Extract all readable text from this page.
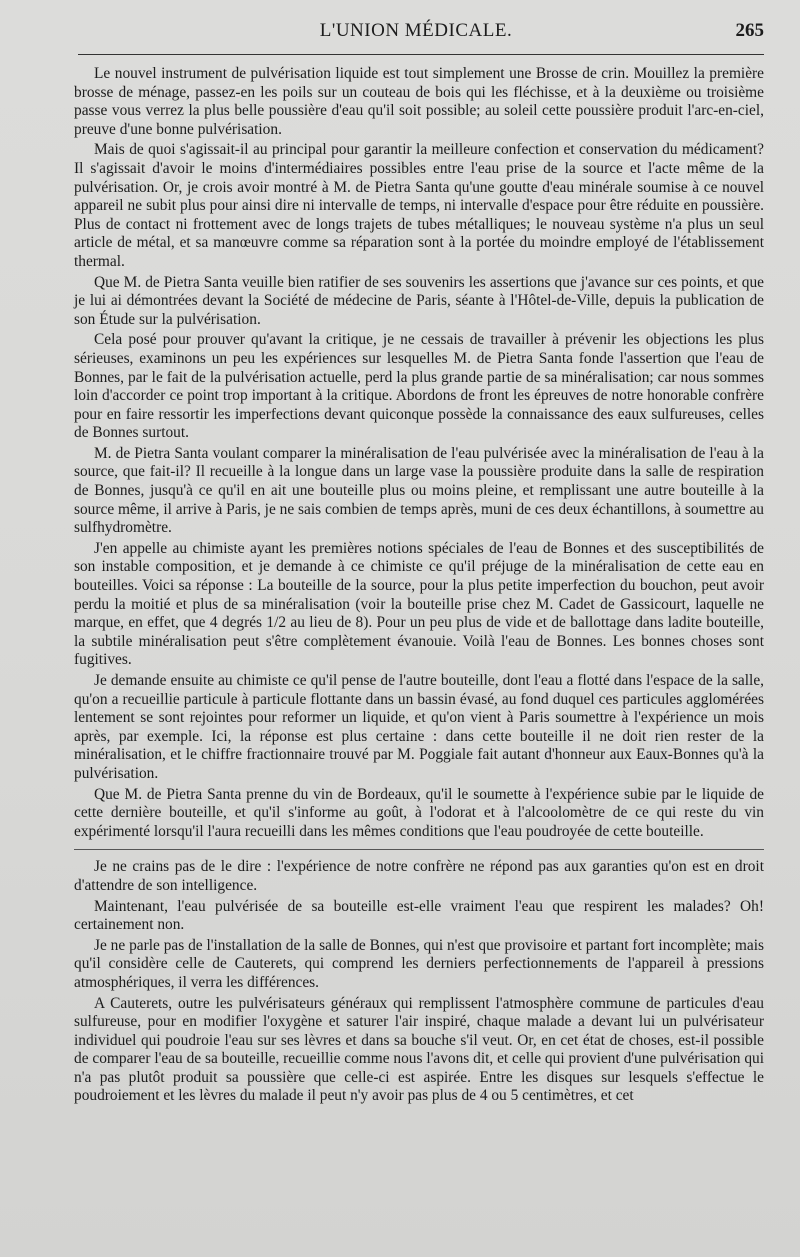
L'UNION MÉDICALE.	265

Le nouvel instrument de pulvérisation liquide est tout simplement une Brosse de crin. Mouillez la première brosse de ménage, passez-en les poils sur un couteau de bois qui les fléchisse, et à la deuxième ou troisième passe vous verrez la plus belle poussière d'eau qu'il soit possible; au soleil cette poussière produit l'arc-en-ciel, preuve d'une bonne pulvérisation.

Mais de quoi s'agissait-il au principal pour garantir la meilleure confection et conservation du médicament? Il s'agissait d'avoir le moins d'intermédiaires possibles entre l'eau prise de la source et l'acte même de la pulvérisation. Or, je crois avoir montré à M. de Pietra Santa qu'une goutte d'eau minérale soumise à ce nouvel appareil ne subit plus pour ainsi dire ni intervalle de temps, ni intervalle d'espace pour être réduite en poussière. Plus de contact ni frottement avec de longs trajets de tubes métalliques; le nouveau système n'a plus un seul article de métal, et sa manœuvre comme sa réparation sont à la portée du moindre employé de l'établissement thermal.

Que M. de Pietra Santa veuille bien ratifier de ses souvenirs les assertions que j'avance sur ces points, et que je lui ai démontrées devant la Société de médecine de Paris, séante à l'Hôtel-de-Ville, depuis la publication de son Étude sur la pulvérisation.

Cela posé pour prouver qu'avant la critique, je ne cessais de travailler à prévenir les objections les plus sérieuses, examinons un peu les expériences sur lesquelles M. de Pietra Santa fonde l'assertion que l'eau de Bonnes, par le fait de la pulvérisation actuelle, perd la plus grande partie de sa minéralisation; car nous sommes loin d'accorder ce point trop important à la critique. Abordons de front les épreuves de notre honorable confrère pour en faire ressortir les imperfections devant quiconque possède la connaissance des eaux sulfureuses, celles de Bonnes surtout.

M. de Pietra Santa voulant comparer la minéralisation de l'eau pulvérisée avec la minéralisation de l'eau à la source, que fait-il? Il recueille à la longue dans un large vase la poussière produite dans la salle de respiration de Bonnes, jusqu'à ce qu'il en ait une bouteille plus ou moins pleine, et remplissant une autre bouteille à la source même, il arrive à Paris, je ne sais combien de temps après, muni de ces deux échantillons, à soumettre au sulfhydromètre.

J'en appelle au chimiste ayant les premières notions spéciales de l'eau de Bonnes et des susceptibilités de son instable composition, et je demande à ce chimiste ce qu'il préjuge de la minéralisation de cette eau en bouteilles. Voici sa réponse : La bouteille de la source, pour la plus petite imperfection du bouchon, peut avoir perdu la moitié et plus de sa minéralisation (voir la bouteille prise chez M. Cadet de Gassicourt, laquelle ne marque, en effet, que 4 degrés 1/2 au lieu de 8). Pour un peu plus de vide et de ballottage dans ladite bouteille, la subtile minéralisation peut s'être complètement évanouie. Voilà l'eau de Bonnes. Les bonnes choses sont fugitives.

Je demande ensuite au chimiste ce qu'il pense de l'autre bouteille, dont l'eau a flotté dans l'espace de la salle, qu'on a recueillie particule à particule flottante dans un bassin évasé, au fond duquel ces particules agglomérées lentement se sont rejointes pour reformer un liquide, et qu'on vient à Paris soumettre à l'expérience un mois après, par exemple. Ici, la réponse est plus certaine : dans cette bouteille il ne doit rien rester de la minéralisation, et le chiffre fractionnaire trouvé par M. Poggiale fait autant d'honneur aux Eaux-Bonnes qu'à la pulvérisation.

Que M. de Pietra Santa prenne du vin de Bordeaux, qu'il le soumette à l'expérience subie par le liquide de cette dernière bouteille, et qu'il s'informe au goût, à l'odorat et à l'alcoolomètre de ce qui reste du vin expérimenté lorsqu'il l'aura recueilli dans les mêmes conditions que l'eau poudroyée de cette bouteille.

Je ne crains pas de le dire : l'expérience de notre confrère ne répond pas aux garanties qu'on est en droit d'attendre de son intelligence.

Maintenant, l'eau pulvérisée de sa bouteille est-elle vraiment l'eau que respirent les malades? Oh! certainement non.

Je ne parle pas de l'installation de la salle de Bonnes, qui n'est que provisoire et partant fort incomplète; mais qu'il considère celle de Cauterets, qui comprend les derniers perfectionnements de l'appareil à pressions atmosphériques, il verra les différences.

A Cauterets, outre les pulvérisateurs généraux qui remplissent l'atmosphère commune de particules d'eau sulfureuse, pour en modifier l'oxygène et saturer l'air inspiré, chaque malade a devant lui un pulvérisateur individuel qui poudroie l'eau sur ses lèvres et dans sa bouche s'il veut. Or, en cet état de choses, est-il possible de comparer l'eau de sa bouteille, recueillie comme nous l'avons dit, et celle qui provient d'une pulvérisation qui n'a pas plutôt produit sa poussière que celle-ci est aspirée. Entre les disques sur lesquels s'effectue le poudroiement et les lèvres du malade il peut n'y avoir pas plus de 4 ou 5 centimètres, et cet
